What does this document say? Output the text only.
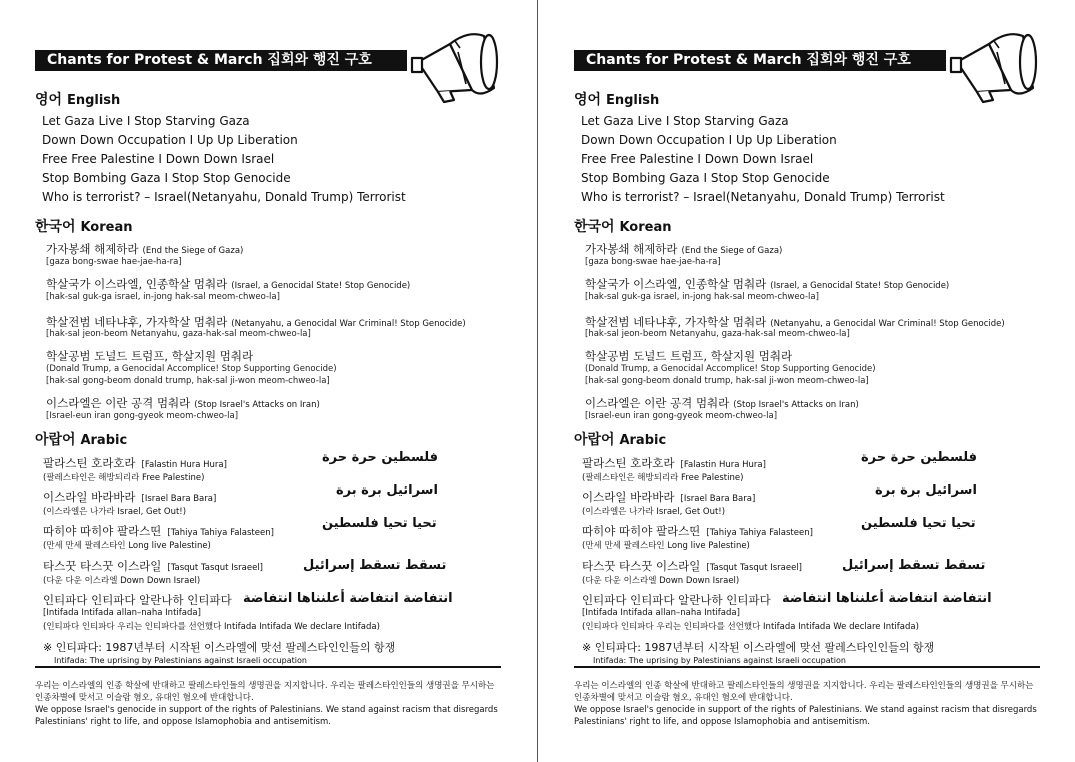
Chants for Protest & March 집회와 행진 구호
영어 English
Let Gaza Live I Stop Starving Gaza
Down Down Occupation I Up Up Liberation
Free Free Palestine I Down Down Israel
Stop Bombing Gaza I Stop Stop Genocide
Who is terrorist? – Israel(Netanyahu, Donald Trump) Terrorist
한국어 Korean
가자봉쇄 해제하라 (End the Siege of Gaza)
[gaza bong-swae hae-jae-ha-ra]
학살국가 이스라엘, 인종학살 멈춰라 (Israel, a Genocidal State! Stop Genocide)
[hak-sal guk-ga israel, in-jong hak-sal meom-chweo-la]
학살전범 네타냐후, 가자학살 멈춰라 (Netanyahu, a Genocidal War Criminal! Stop Genocide)
[hak-sal jeon-beom Netanyahu, gaza-hak-sal meom-chweo-la]
학살공범 도널드 트럼프, 학살지원 멈춰라
(Donald Trump, a Genocidal Accomplice! Stop Supporting Genocide)
[hak-sal gong-beom donald trump, hak-sal ji-won meom-chweo-la]
이스라엘은 이란 공격 멈춰라 (Stop Israel's Attacks on Iran)
[Israel-eun iran gong-gyeok meom-chweo-la]
아랍어 Arabic
팔라스틴 호라호라 [Falastin Hura Hura]
(팔레스타인은 해방되리라 Free Palestine)
فلسطين حرة حرة
이스라일 바라바라 [Israel Bara Bara]
(이스라엘은 나가라 Israel, Get Out!)
اسرائيل برة برة
따히야 따히야 팔라스띤 [Tahiya Tahiya Falasteen]
(만세 만세 팔레스타인 Long live Palestine)
تحيا تحيا فلسطين
타스꿋 타스꿋 이스라일 [Tasqut Tasqut Israeel]
(다운 다운 이스라엘 Down Down Israel)
تسقط تسقط إسرائيل
인티파다 인티파다 알란나하 인티파다
[Intifada Intifada allan–naha Intifada]
(인티파다 인티파다 우리는 인티파다를 선언했다 Intifada Intifada We declare Intifada)
انتفاضة انتفاضة أعلنناها انتفاضة
※ 인티파다: 1987년부터 시작된 이스라엘에 맞선 팔레스타인인들의 항쟁
Intifada: The uprising by Palestinians against Israeli occupation
우리는 이스라엘의 인종 학살에 반대하고 팔레스타인들의 생명권을 지지합니다. 우리는 팔레스타인인들의 생명권을 무시하는 인종차별에 맞서고 이슬람 혐오, 유대인 혐오에 반대합니다.
We oppose Israel's genocide in support of the rights of Palestinians. We stand against racism that disregards Palestinians' right to life, and oppose Islamophobia and antisemitism.
Chants for Protest & March 집회와 행진 구호
영어 English
Let Gaza Live I Stop Starving Gaza
Down Down Occupation I Up Up Liberation
Free Free Palestine I Down Down Israel
Stop Bombing Gaza I Stop Stop Genocide
Who is terrorist? – Israel(Netanyahu, Donald Trump) Terrorist
한국어 Korean
가자봉쇄 해제하라 (End the Siege of Gaza)
[gaza bong-swae hae-jae-ha-ra]
학살국가 이스라엘, 인종학살 멈춰라 (Israel, a Genocidal State! Stop Genocide)
[hak-sal guk-ga israel, in-jong hak-sal meom-chweo-la]
학살전범 네타냐후, 가자학살 멈춰라 (Netanyahu, a Genocidal War Criminal! Stop Genocide)
[hak-sal jeon-beom Netanyahu, gaza-hak-sal meom-chweo-la]
학살공범 도널드 트럼프, 학살지원 멈춰라
(Donald Trump, a Genocidal Accomplice! Stop Supporting Genocide)
[hak-sal gong-beom donald trump, hak-sal ji-won meom-chweo-la]
이스라엘은 이란 공격 멈춰라 (Stop Israel's Attacks on Iran)
[Israel-eun iran gong-gyeok meom-chweo-la]
아랍어 Arabic
팔라스틴 호라호라 [Falastin Hura Hura]
(팔레스타인은 해방되리라 Free Palestine)
فلسطين حرة حرة
이스라일 바라바라 [Israel Bara Bara]
(이스라엘은 나가라 Israel, Get Out!)
اسرائيل برة برة
따히야 따히야 팔라스띤 [Tahiya Tahiya Falasteen]
(만세 만세 팔레스타인 Long live Palestine)
تحيا تحيا فلسطين
타스꿋 타스꿋 이스라일 [Tasqut Tasqut Israeel]
(다운 다운 이스라엘 Down Down Israel)
تسقط تسقط إسرائيل
인티파다 인티파다 알란나하 인티파다
[Intifada Intifada allan–naha Intifada]
(인티파다 인티파다 우리는 인티파다를 선언했다 Intifada Intifada We declare Intifada)
انتفاضة انتفاضة أعلنناها انتفاضة
※ 인티파다: 1987년부터 시작된 이스라엘에 맞선 팔레스타인인들의 항쟁
Intifada: The uprising by Palestinians against Israeli occupation
우리는 이스라엘의 인종 학살에 반대하고 팔레스타인들의 생명권을 지지합니다. 우리는 팔레스타인인들의 생명권을 무시하는 인종차별에 맞서고 이슬람 혐오, 유대인 혐오에 반대합니다.
We oppose Israel's genocide in support of the rights of Palestinians. We stand against racism that disregards Palestinians' right to life, and oppose Islamophobia and antisemitism.
